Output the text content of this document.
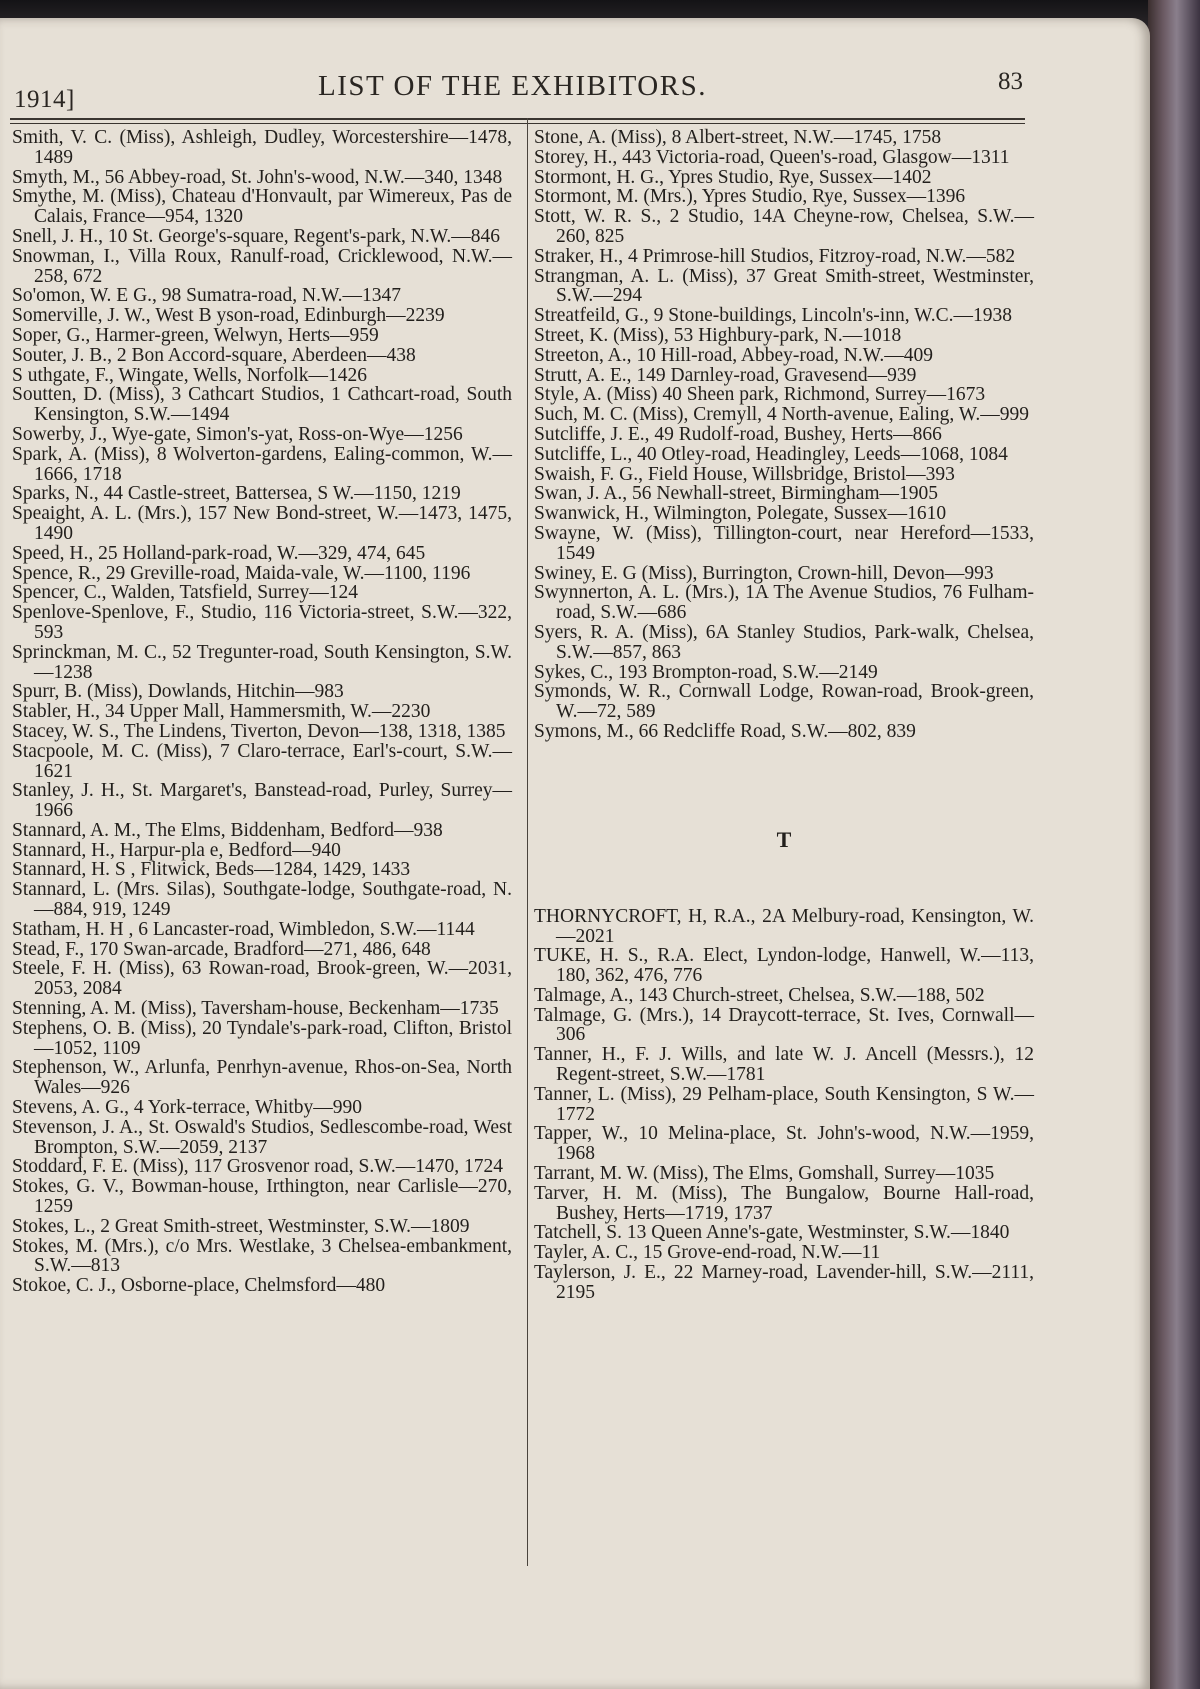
1914]	LIST OF THE EXHIBITORS.	83
Smith, V. C. (Miss), Ashleigh, Dudley, Worcestershire—1478, 1489
Smyth, M., 56 Abbey-road, St. John's-wood, N.W.—340, 1348
Smythe, M. (Miss), Chateau d'Honvault, par Wimereux, Pas de Calais, France—954, 1320
Snell, J. H., 10 St. George's-square, Regent's-park, N.W.—846
Snowman, I., Villa Roux, Ranulf-road, Cricklewood, N.W.—258, 672
So'omon, W. E G., 98 Sumatra-road, N.W.—1347
Somerville, J. W., West B yson-road, Edinburgh—2239
Soper, G., Harmer-green, Welwyn, Herts—959
Souter, J. B., 2 Bon Accord-square, Aberdeen—438
S uthgate, F., Wingate, Wells, Norfolk—1426
Soutten, D. (Miss), 3 Cathcart Studios, 1 Cathcart-road, South Kensington, S.W.—1494
Sowerby, J., Wye-gate, Simon's-yat, Ross-on-Wye—1256
Spark, A. (Miss), 8 Wolverton-gardens, Ealing-common, W.—1666, 1718
Sparks, N., 44 Castle-street, Battersea, S W.—1150, 1219
Speaight, A. L. (Mrs.), 157 New Bond-street, W.—1473, 1475, 1490
Speed, H., 25 Holland-park-road, W.—329, 474, 645
Spence, R., 29 Greville-road, Maida-vale, W.—1100, 1196
Spencer, C., Walden, Tatsfield, Surrey—124
Spenlove-Spenlove, F., Studio, 116 Victoria-street, S.W.—322, 593
Sprinckman, M. C., 52 Tregunter-road, South Kensington, S.W.—1238
Spurr, B. (Miss), Dowlands, Hitchin—983
Stabler, H., 34 Upper Mall, Hammersmith, W.—2230
Stacey, W. S., The Lindens, Tiverton, Devon—138, 1318, 1385
Stacpoole, M. C. (Miss), 7 Claro-terrace, Earl's-court, S.W.—1621
Stanley, J. H., St. Margaret's, Banstead-road, Purley, Surrey—1966
Stannard, A. M., The Elms, Biddenham, Bedford—938
Stannard, H., Harpur-pla e, Bedford—940
Stannard, H. S , Flitwick, Beds—1284, 1429, 1433
Stannard, L. (Mrs. Silas), Southgate-lodge, Southgate-road, N.—884, 919, 1249
Statham, H. H , 6 Lancaster-road, Wimbledon, S.W.—1144
Stead, F., 170 Swan-arcade, Bradford—271, 486, 648
Steele, F. H. (Miss), 63 Rowan-road, Brook-green, W.—2031, 2053, 2084
Stenning, A. M. (Miss), Taversham-house, Beckenham—1735
Stephens, O. B. (Miss), 20 Tyndale's-park-road, Clifton, Bristol—1052, 1109
Stephenson, W., Arlunfa, Penrhyn-avenue, Rhos-on-Sea, North Wales—926
Stevens, A. G., 4 York-terrace, Whitby—990
Stevenson, J. A., St. Oswald's Studios, Sedlescombe-road, West Brompton, S.W.—2059, 2137
Stoddard, F. E. (Miss), 117 Grosvenor road, S.W.—1470, 1724
Stokes, G. V., Bowman-house, Irthington, near Carlisle—270, 1259
Stokes, L., 2 Great Smith-street, Westminster, S.W.—1809
Stokes, M. (Mrs.), c/o Mrs. Westlake, 3 Chelsea-embankment, S.W.—813
Stokoe, C. J., Osborne-place, Chelmsford—480
Stone, A. (Miss), 8 Albert-street, N.W.—1745, 1758
Storey, H., 443 Victoria-road, Queen's-road, Glasgow—1311
Stormont, H. G., Ypres Studio, Rye, Sussex—1402
Stormont, M. (Mrs.), Ypres Studio, Rye, Sussex—1396
Stott, W. R. S., 2 Studio, 14A Cheyne-row, Chelsea, S.W.—260, 825
Straker, H., 4 Primrose-hill Studios, Fitzroy-road, N.W.—582
Strangman, A. L. (Miss), 37 Great Smith-street, Westminster, S.W.—294
Streatfeild, G., 9 Stone-buildings, Lincoln's-inn, W.C.—1938
Street, K. (Miss), 53 Highbury-park, N.—1018
Streeton, A., 10 Hill-road, Abbey-road, N.W.—409
Strutt, A. E., 149 Darnley-road, Gravesend—939
Style, A. (Miss) 40 Sheen park, Richmond, Surrey—1673
Such, M. C. (Miss), Cremyll, 4 North-avenue, Ealing, W.—999
Sutcliffe, J. E., 49 Rudolf-road, Bushey, Herts—866
Sutcliffe, L., 40 Otley-road, Headingley, Leeds—1068, 1084
Swaish, F. G., Field House, Willsbridge, Bristol—393
Swan, J. A., 56 Newhall-street, Birmingham—1905
Swanwick, H., Wilmington, Polegate, Sussex—1610
Swayne, W. (Miss), Tillington-court, near Hereford—1533, 1549
Swiney, E. G (Miss), Burrington, Crown-hill, Devon—993
Swynnerton, A. L. (Mrs.), 1A The Avenue Studios, 76 Fulham-road, S.W.—686
Syers, R. A. (Miss), 6A Stanley Studios, Park-walk, Chelsea, S.W.—857, 863
Sykes, C., 193 Brompton-road, S.W.—2149
Symonds, W. R., Cornwall Lodge, Rowan-road, Brook-green, W.—72, 589
Symons, M., 66 Redcliffe Road, S.W.—802, 839
T
THORNYCROFT, H, R.A., 2A Melbury-road, Kensington, W.—2021
TUKE, H. S., R.A. Elect, Lyndon-lodge, Hanwell, W.—113, 180, 362, 476, 776
Talmage, A., 143 Church-street, Chelsea, S.W.—188, 502
Talmage, G. (Mrs.), 14 Draycott-terrace, St. Ives, Cornwall—306
Tanner, H., F. J. Wills, and late W. J. Ancell (Messrs.), 12 Regent-street, S.W.—1781
Tanner, L. (Miss), 29 Pelham-place, South Kensington, S W.—1772
Tapper, W., 10 Melina-place, St. John's-wood, N.W.—1959, 1968
Tarrant, M. W. (Miss), The Elms, Gomshall, Surrey—1035
Tarver, H. M. (Miss), The Bungalow, Bourne Hall-road, Bushey, Herts—1719, 1737
Tatchell, S. 13 Queen Anne's-gate, Westminster, S.W.—1840
Tayler, A. C., 15 Grove-end-road, N.W.—11
Taylerson, J. E., 22 Marney-road, Lavender-hill, S.W.—2111, 2195
